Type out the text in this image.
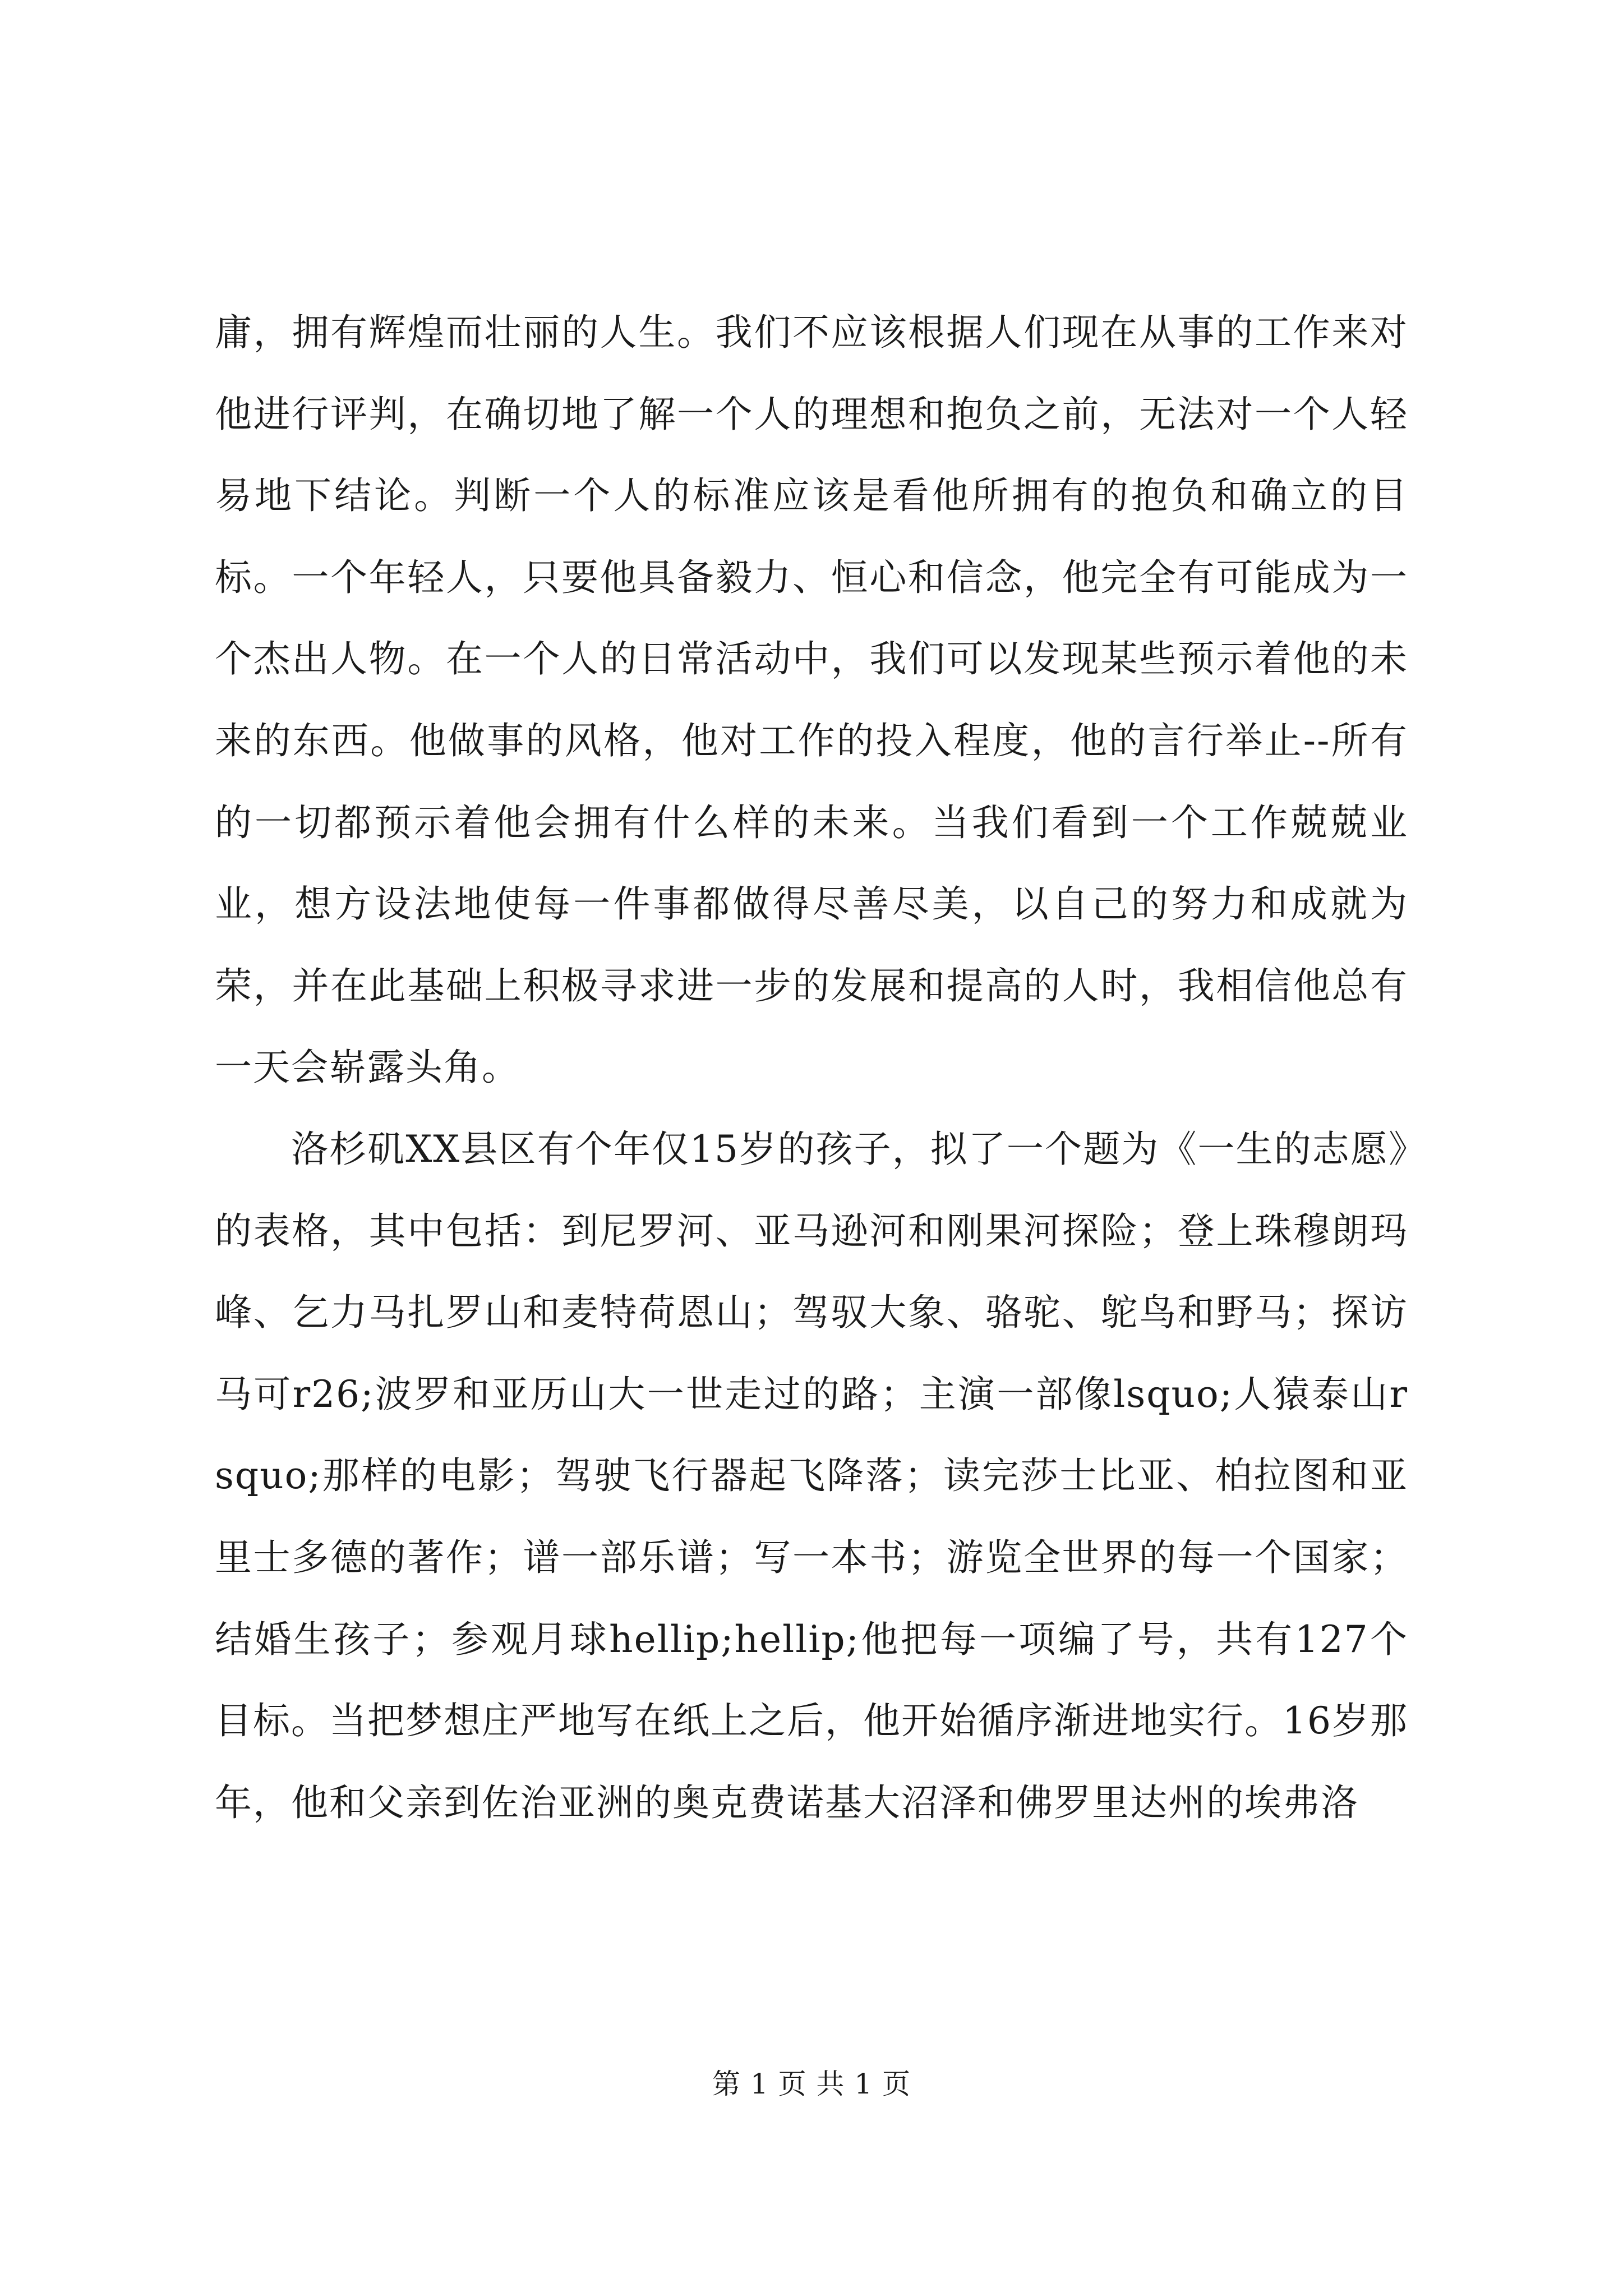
庸，拥有辉煌而壮丽的人生。我们不应该根据人们现在从事的工作来对他进行评判，在确切地了解一个人的理想和抱负之前，无法对一个人轻易地下结论。判断一个人的标准应该是看他所拥有的抱负和确立的目标。一个年轻人，只要他具备毅力、恒心和信念，他完全有可能成为一个杰出人物。在一个人的日常活动中，我们可以发现某些预示着他的未来的东西。他做事的风格，他对工作的投入程度，他的言行举止--所有的一切都预示着他会拥有什么样的未来。当我们看到一个工作兢兢业业，想方设法地使每一件事都做得尽善尽美，以自己的努力和成就为荣，并在此基础上积极寻求进一步的发展和提高的人时，我相信他总有一天会崭露头角。

洛杉矶XX县区有个年仅15岁的孩子，拟了一个题为《一生的志愿》的表格，其中包括：到尼罗河、亚马逊河和刚果河探险；登上珠穆朗玛峰、乞力马扎罗山和麦特荷恩山；驾驭大象、骆驼、鸵鸟和野马；探访马可r26;波罗和亚历山大一世走过的路；主演一部像lsquo;人猿泰山rsquo;那样的电影；驾驶飞行器起飞降落；读完莎士比亚、柏拉图和亚里士多德的著作；谱一部乐谱；写一本书；游览全世界的每一个国家；结婚生孩子；参观月球hellip;hellip;他把每一项编了号，共有127个目标。当把梦想庄严地写在纸上之后，他开始循序渐进地实行。16岁那年，他和父亲到佐治亚洲的奥克费诺基大沼泽和佛罗里达州的埃弗洛

第 1 页 共 1 页
